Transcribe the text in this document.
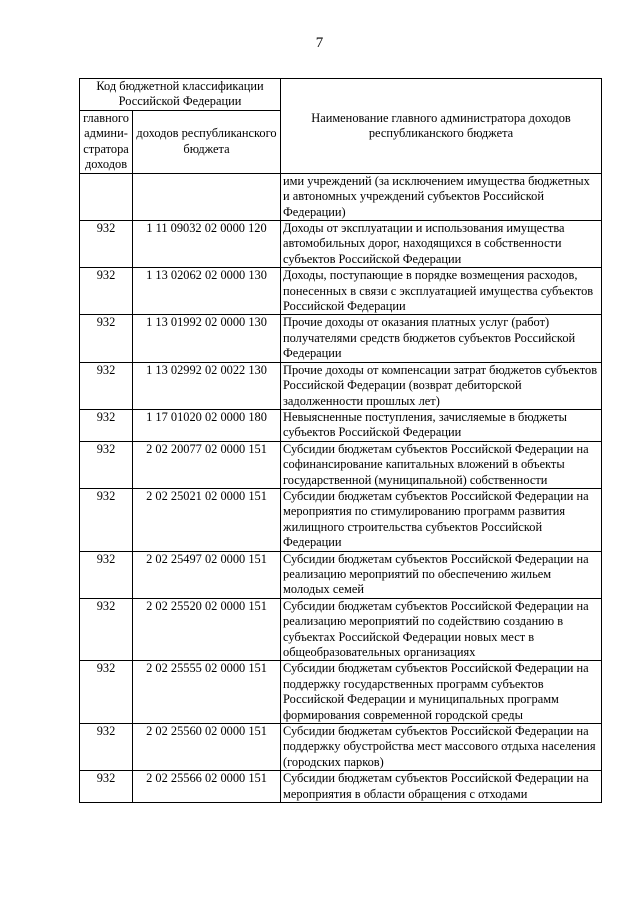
7
Код бюджетной классификации Российской Федерации		Наименование главного администратора доходов республиканского бюджета
главного админи-стратора доходов	доходов республиканского бюджета	
		ими учреждений (за исключением имущества бюджетных и автономных учреждений субъектов Российской Федерации)
932	1 11 09032 02 0000 120	Доходы от эксплуатации и использования имущества автомобильных дорог, находящихся в собственности субъектов Российской Федерации
932	1 13 02062 02 0000 130	Доходы, поступающие в порядке возмещения расходов, понесенных в связи с эксплуатацией имущества субъектов Российской Федерации
932	1 13 01992 02 0000 130	Прочие доходы от оказания платных услуг (работ) получателями средств бюджетов субъектов Российской Федерации
932	1 13 02992 02 0022 130	Прочие доходы от компенсации затрат бюджетов субъектов Российской Федерации (возврат дебиторской задолженности прошлых лет)
932	1 17 01020 02 0000 180	Невыясненные поступления, зачисляемые в бюджеты субъектов Российской Федерации
932	2 02 20077 02 0000 151	Субсидии бюджетам субъектов Российской Федерации на софинансирование капитальных вложений в объекты государственной (муниципальной) собственности
932	2 02 25021 02 0000 151	Субсидии бюджетам субъектов Российской Федерации на мероприятия по стимулированию программ развития жилищного строительства субъектов Российской Федерации
932	2 02 25497 02 0000 151	Субсидии бюджетам субъектов Российской Федерации на реализацию мероприятий по обеспечению жильем молодых семей
932	2 02 25520 02 0000 151	Субсидии бюджетам субъектов Российской Федерации на реализацию мероприятий по содействию созданию в субъектах Российской Федерации новых мест в общеобразовательных организациях
932	2 02 25555 02 0000 151	Субсидии бюджетам субъектов Российской Федерации на поддержку государственных программ субъектов Российской Федерации и муниципальных программ формирования современной городской среды
932	2 02 25560 02 0000 151	Субсидии бюджетам субъектов Российской Федерации на поддержку обустройства мест массового отдыха населения (городских парков)
932	2 02 25566 02 0000 151	Субсидии бюджетам субъектов Российской Федерации на мероприятия в области обращения с отходами
